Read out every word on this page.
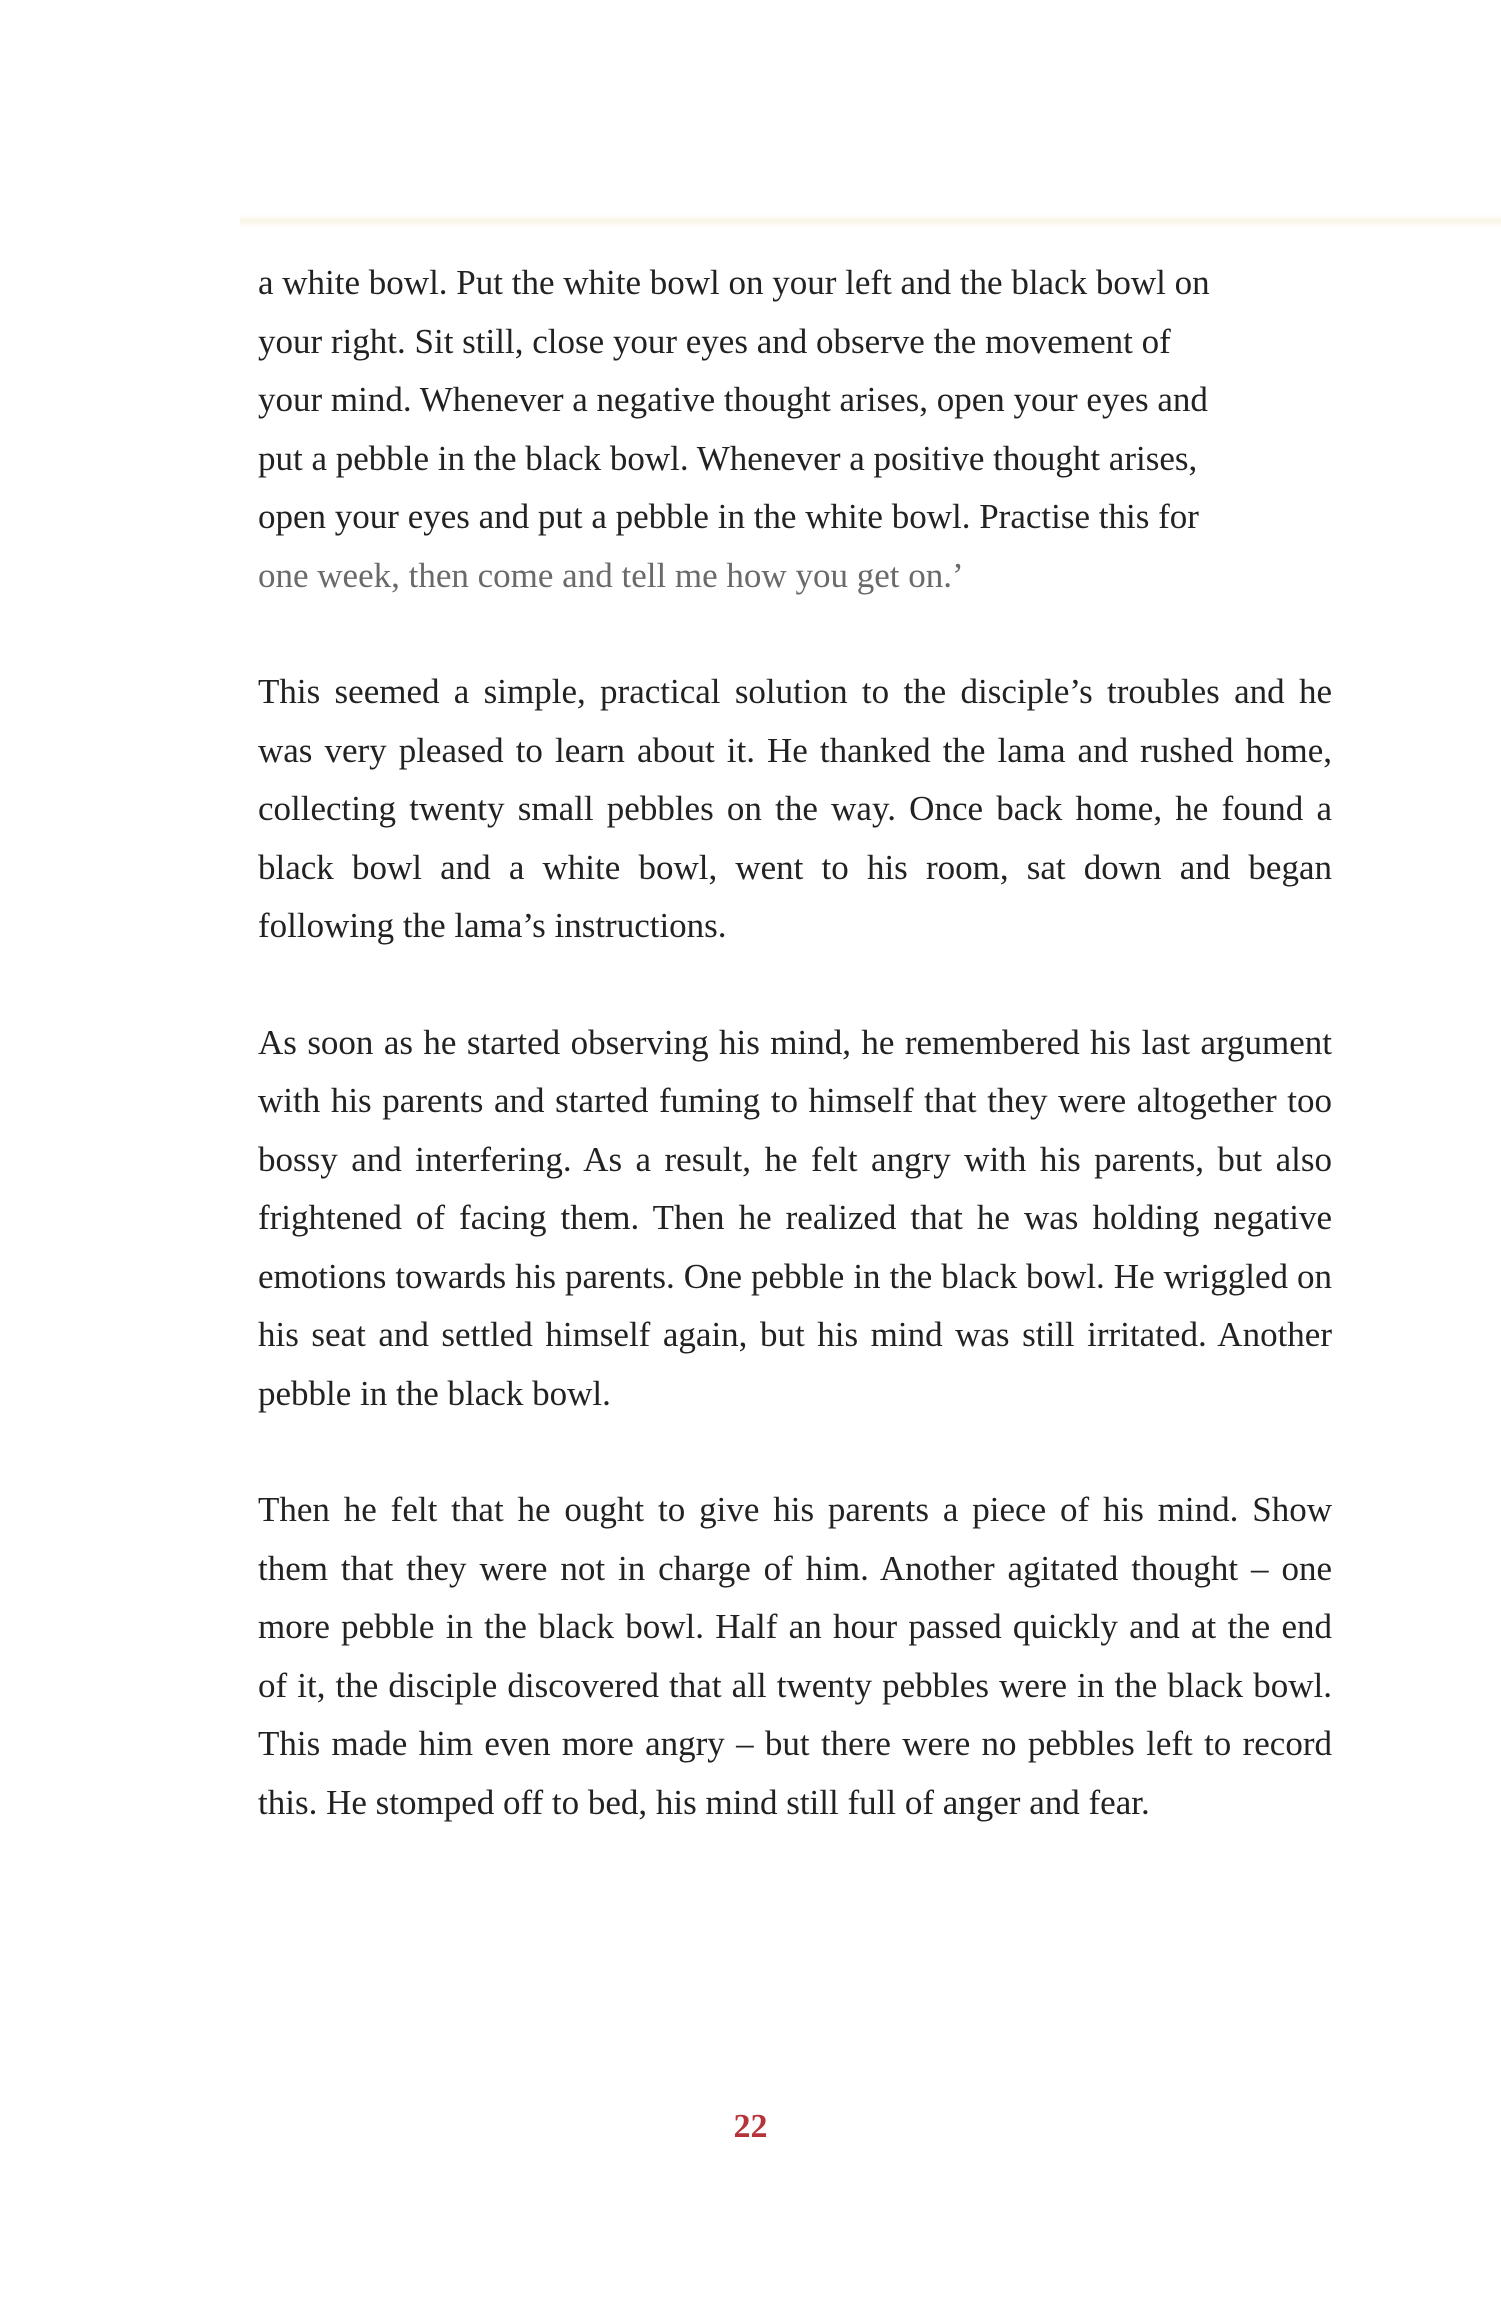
a white bowl. Put the white bowl on your left and the black bowl on
your right. Sit still, close your eyes and observe the movement of
your mind. Whenever a negative thought arises, open your eyes and
put a pebble in the black bowl. Whenever a positive thought arises,
open your eyes and put a pebble in the white bowl. Practise this for
one week, then come and tell me how you get on.’

This seemed a simple, practical solution to the disciple’s troubles and he was very pleased to learn about it. He thanked the lama and rushed home, collecting twenty small pebbles on the way. Once back home, he found a black bowl and a white bowl, went to his room, sat down and began following the lama’s instructions.

As soon as he started observing his mind, he remembered his last argument with his parents and started fuming to himself that they were altogether too bossy and interfering. As a result, he felt angry with his parents, but also frightened of facing them. Then he realized that he was holding negative emotions towards his parents. One pebble in the black bowl. He wriggled on his seat and settled himself again, but his mind was still irritated. Another pebble in the black bowl.

Then he felt that he ought to give his parents a piece of his mind. Show them that they were not in charge of him. Another agitated thought – one more pebble in the black bowl. Half an hour passed quickly and at the end of it, the disciple discovered that all twenty pebbles were in the black bowl. This made him even more angry – but there were no pebbles left to record this. He stomped off to bed, his mind still full of anger and fear.

22
